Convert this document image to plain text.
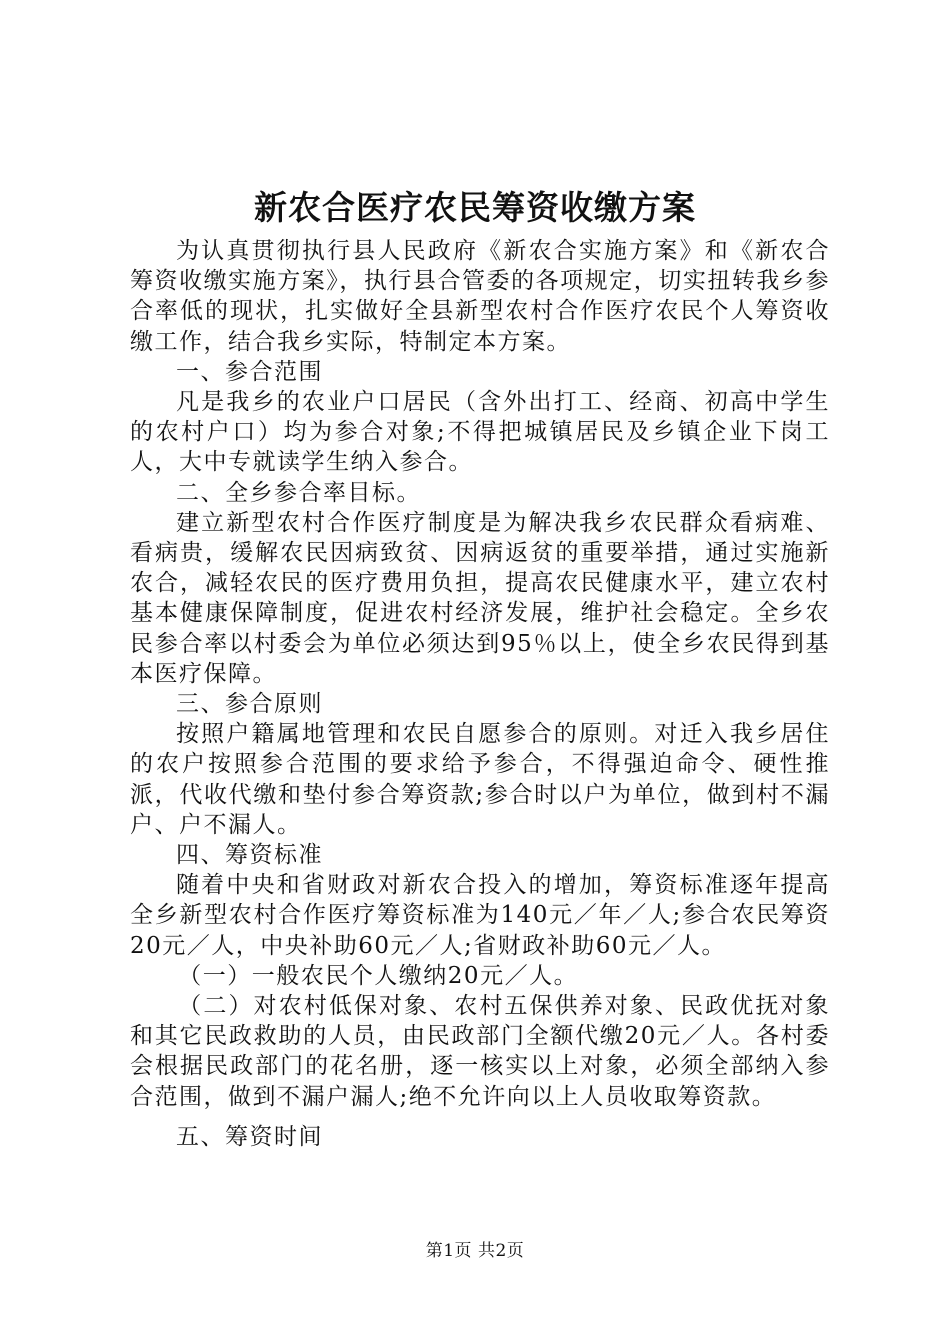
新农合医疗农民筹资收缴方案

为认真贯彻执行县人民政府《新农合实施方案》和《新农合筹资收缴实施方案》，执行县合管委的各项规定，切实扭转我乡参合率低的现状，扎实做好全县新型农村合作医疗农民个人筹资收缴工作，结合我乡实际，特制定本方案。

一、参合范围

凡是我乡的农业户口居民（含外出打工、经商、初高中学生的农村户口）均为参合对象;不得把城镇居民及乡镇企业下岗工人，大中专就读学生纳入参合。

二、全乡参合率目标。

建立新型农村合作医疗制度是为解决我乡农民群众看病难、看病贵，缓解农民因病致贫、因病返贫的重要举措，通过实施新农合，减轻农民的医疗费用负担，提高农民健康水平，建立农村基本健康保障制度，促进农村经济发展，维护社会稳定。全乡农民参合率以村委会为单位必须达到95％以上，使全乡农民得到基本医疗保障。

三、参合原则

按照户籍属地管理和农民自愿参合的原则。对迁入我乡居住的农户按照参合范围的要求给予参合，不得强迫命令、硬性推派，代收代缴和垫付参合筹资款;参合时以户为单位，做到村不漏户、户不漏人。

四、筹资标准

随着中央和省财政对新农合投入的增加，筹资标准逐年提高全乡新型农村合作医疗筹资标准为140元／年／人;参合农民筹资20元／人，中央补助60元／人;省财政补助60元／人。

（一）一般农民个人缴纳20元／人。

（二）对农村低保对象、农村五保供养对象、民政优抚对象和其它民政救助的人员，由民政部门全额代缴20元／人。各村委会根据民政部门的花名册，逐一核实以上对象，必须全部纳入参合范围，做到不漏户漏人;绝不允许向以上人员收取筹资款。

五、筹资时间

第1页 共2页
